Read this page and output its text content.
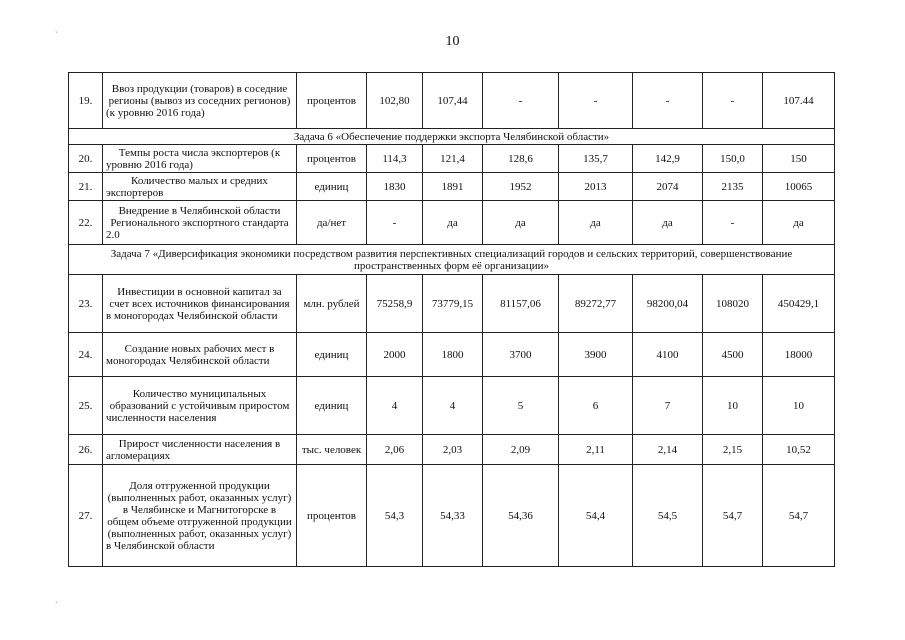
10
ˋ
ˋ
19.	Ввоз продукции (товаров) в соседние регионы (вывоз из соседних регионов) (к уровню 2016 года)	процентов	102,80	107,44	-	-	-	-	107.44
Задача 6 «Обеспечение поддержки экспорта Челябинской области»									
20.	Темпы роста числа экспортеров (к уровню 2016 года)	процентов	114,3	121,4	128,6	135,7	142,9	150,0	150
21.	Количество малых и средних экспортеров	единиц	1830	1891	1952	2013	2074	2135	10065
22.	Внедрение в Челябинской области Регионального экспортного стандарта 2.0	да/нет	-	да	да	да	да	-	да
Задача 7 «Диверсификация экономики посредством развития перспективных специализаций городов и сельских территорий, совершенствование пространственных форм её организации»									
23.	Инвестиции в основной капитал за счет всех источников финансирования в моногородах Челябинской области	млн. рублей	75258,9	73779,15	81157,06	89272,77	98200,04	108020	450429,1
24.	Создание новых рабочих мест в моногородах Челябинской области	единиц	2000	1800	3700	3900	4100	4500	18000
25.	Количество муниципальных образований с устойчивым приростом численности населения	единиц	4	4	5	6	7	10	10
26.	Прирост численности населения в агломерациях	тыс. человек	2,06	2,03	2,09	2,11	2,14	2,15	10,52
27.	Доля отгруженной продукции (выполненных работ, оказанных услуг) в Челябинске и Магнитогорске в общем объеме отгруженной продукции (выполненных работ, оказанных услуг) в Челябинской области	процентов	54,3	54,33	54,36	54,4	54,5	54,7	54,7
